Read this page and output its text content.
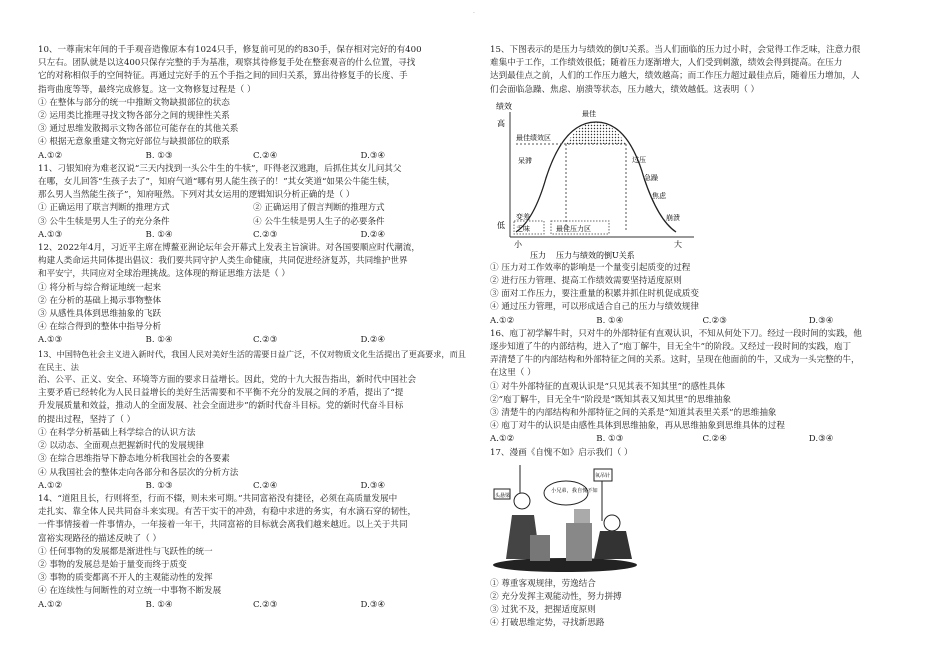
.

10、一尊南宋年间的千手观音造像原本有1024只手，修复前可见的约830手，保存相对完好的有400

只左右。团队就是以这400只保存完整的手为基准，观察其待修复手处在整套观音的什么位置，寻找

它的对称相似手的空间特征。再通过完好手的五个手指之间的回归关系，算出待修复手的长度、手

指弯曲度等等，最终完成修复。这一文物修复过程是（ ）

① 在整体与部分的统一中推断文物缺损部位的状态

② 运用类比推理寻找文物各部分之间的规律性关系

③ 通过思维发散揭示文物各部位可能存在的其他关系

④ 根据无意象重建文物完好部位与缺损部位的联系

A.①②	B. ①③	C.②④	D.③④

11、刁银知府为难老汉说“三天内找到一头公牛生的牛犊”，吓得老汉逃跑，后抓住其女儿问其父

在哪，女儿回答“生孩子去了”，知府气道“哪有男人能生孩子的！”其女笑道“如果公牛能生犊，

那么男人当然能生孩子”，知府哑然。下列对其女运用的逻辑知识分析正确的是（ ）

① 正确运用了联言判断的推理方式	② 正确运用了假言判断的推理方式
③ 公牛生犊是男人生子的充分条件	④ 公牛生犊是男人生子的必要条件
A.①③	B. ①④	C.②③	D.②④

12、2022年4月，习近平主席在博鳌亚洲论坛年会开幕式上发表主旨演讲。对各国要顺应时代潮流，

构建人类命运共同体提出倡议：我们要共同守护人类生命健康，共同促进经济复苏，共同维护世界

和平安宁，共同应对全球治理挑战。这体现的辩证思维方法是（ ）

① 将分析与综合辩证地统一起来

② 在分析的基础上揭示事物整体

③ 从感性具体到思维抽象的飞跃

④ 在综合得到的整体中指导分析

A.①③	B. ①④	C.②③	D.②④

13、中国特色社会主义进入新时代，我国人民对美好生活的需要日益广泛，不仅对物质文化生活提出了更高要求，而且在民主、法

治、公平、正义、安全、环境等方面的要求日益增长。因此，党的十九大报告指出，新时代中国社会

主要矛盾已经转化为人民日益增长的美好生活需要和不平衡不充分的发展之间的矛盾，提出了“提

升发展质量和效益，推动人的全面发展、社会全面进步”的新时代奋斗目标。党的新时代奋斗目标

的提出过程，坚持了（ ）

① 在科学分析基础上科学综合的认识方法

② 以动态、全面观点把握新时代的发展规律

③ 在综合思维指导下静态地分析我国社会的各要素

④ 从我国社会的整体走向各部分和各层次的分析方法

A.①②	B. ①③	C.②④	D.③④

14、“道阻且长，行则将至，行而不辍，则未来可期。”共同富裕没有捷径，必须在高质量发展中

走扎实、靠全体人民共同奋斗来实现。有苦干实干的冲劲，有稳中求进的务实，有水滴石穿的韧性，

一件事情接着一件事情办，一年接着一年干，共同富裕的目标就会离我们越来越近。以上关于共同

富裕实现路径的描述反映了（ ）

① 任何事物的发展都是渐进性与飞跃性的统一

② 事物的发展总是始于量变而终于质变

③ 事物的质变都离不开人的主观能动性的发挥

④ 在连续性与间断性的对立统一中事物不断发展

A.①②	B. ①④	C.②③	D.③④

15、下图表示的是压力与绩效的倒U关系。当人们面临的压力过小时，会觉得工作乏味，注意力很

难集中于工作，工作绩效很低；随着压力逐渐增大，人们受到刺激，绩效会得到提高。在压力

达到最佳点之前，人们的工作压力越大，绩效越高；而工作压力超过最佳点后，随着压力增加，人

们会面临急躁、焦虑、崩溃等状态，压力越大，绩效越低。这表明（ ）

绩效
高
低
最佳
最佳绩效区
呆滞
变差
乏味
过压
急躁
焦虑
崩溃
最佳压力区
小	大
压力 压力与绩效的倒U关系

① 压力对工作效率的影响是一个量变引起质变的过程

② 进行压力管理、提高工作绩效需要坚持适度原则

③ 面对工作压力，要注重量的积累并抓住时机促成质变

④ 通过压力管理，可以形成适合自己的压力与绩效规律

A.①②	B. ①④	C.②③	D.③④

16、庖丁初学解牛时，只对牛的外部特征有直观认识，不知从何处下刀。经过一段时间的实践，他

逐步知道了牛的内部结构，进入了“庖丁解牛，目无全牛”的阶段。又经过一段时间的实践，庖丁

弄清楚了牛的内部结构和外部特征之间的关系。这时，呈现在他面前的牛，又成为一头完整的牛，

在这里（ ）

① 对牛外部特征的直观认识是“只见其表不知其里”的感性具体

②“庖丁解牛，目无全牛”阶段是“既知其表又知其里”的思维抽象

③ 清楚牛的内部结构和外部特征之间的关系是“知道其表里关系”的思维抽象

④ 庖丁对牛的认识是由感性具体到思维抽象，再从思维抽象到思维具体的过程

A.①②	B. ①③	C.②④	D.③④

17、漫画《自愧不如》启示我们（ ）

头悬梁
小兄弟，我自愧不如
氧吊针

① 尊重客观规律，劳逸结合

② 充分发挥主观能动性，努力拼搏

③ 过犹不及，把握适度原则

④ 打破思维定势，寻找新思路
